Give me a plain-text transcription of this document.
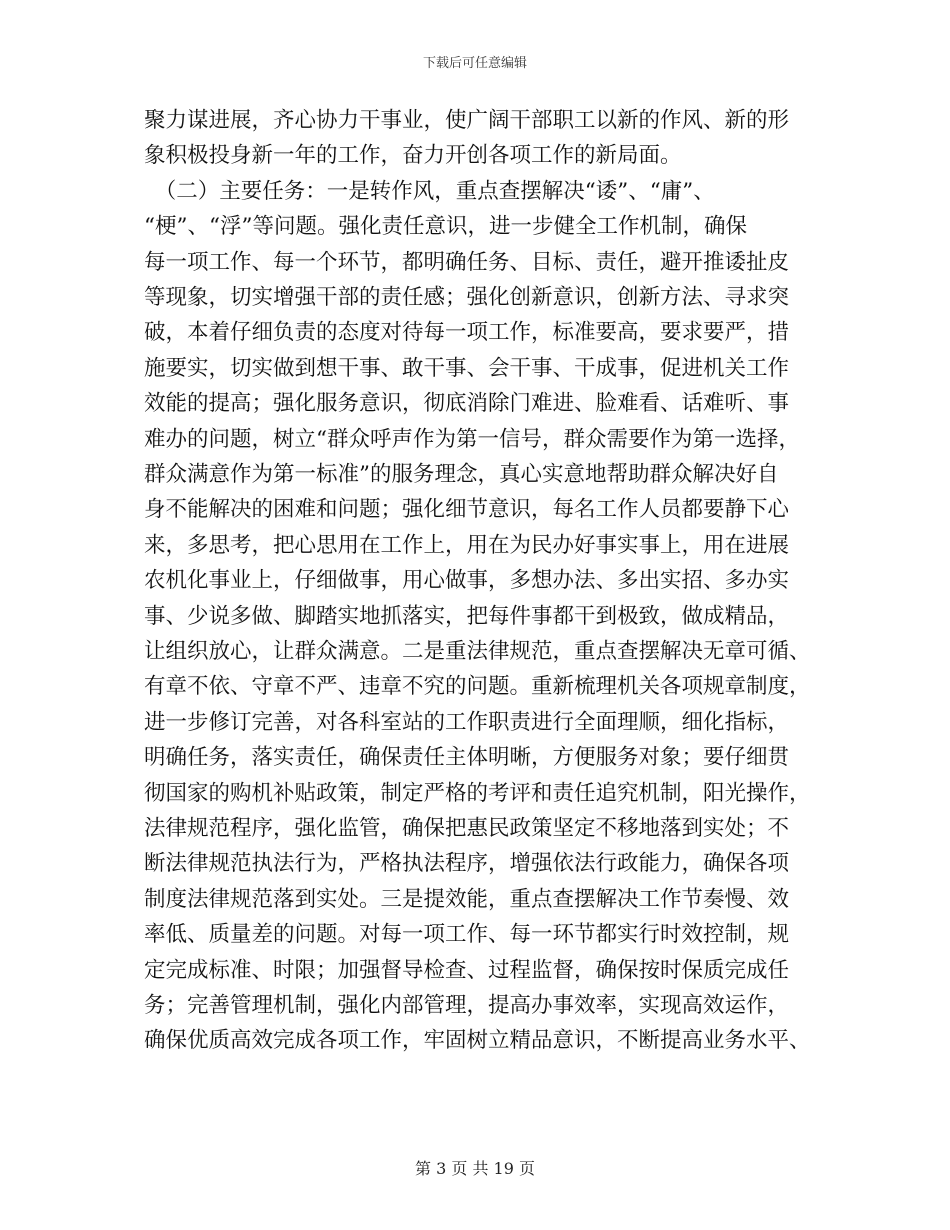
下载后可任意编辑
聚力谋进展，齐心协力干事业，使广阔干部职工以新的作风、新的形
象积极投身新一年的工作，奋力开创各项工作的新局面。
　（二）主要任务：一是转作风，重点查摆解决“诿”、“庸”、
“梗”、“浮”等问题。强化责任意识，进一步健全工作机制，确保
每一项工作、每一个环节，都明确任务、目标、责任，避开推诿扯皮
等现象，切实增强干部的责任感；强化创新意识，创新方法、寻求突
破，本着仔细负责的态度对待每一项工作，标准要高，要求要严，措
施要实，切实做到想干事、敢干事、会干事、干成事，促进机关工作
效能的提高；强化服务意识，彻底消除门难进、脸难看、话难听、事
难办的问题，树立“群众呼声作为第一信号，群众需要作为第一选择，
群众满意作为第一标准”的服务理念，真心实意地帮助群众解决好自
身不能解决的困难和问题；强化细节意识，每名工作人员都要静下心
来，多思考，把心思用在工作上，用在为民办好事实事上，用在进展
农机化事业上，仔细做事，用心做事，多想办法、多出实招、多办实
事、少说多做、脚踏实地抓落实，把每件事都干到极致，做成精品，
让组织放心，让群众满意。二是重法律规范，重点查摆解决无章可循、
有章不依、守章不严、违章不究的问题。重新梳理机关各项规章制度，
进一步修订完善，对各科室站的工作职责进行全面理顺，细化指标，
明确任务，落实责任，确保责任主体明晰，方便服务对象；要仔细贯
彻国家的购机补贴政策，制定严格的考评和责任追究机制，阳光操作，
法律规范程序，强化监管，确保把惠民政策坚定不移地落到实处；不
断法律规范执法行为，严格执法程序，增强依法行政能力，确保各项
制度法律规范落到实处。三是提效能，重点查摆解决工作节奏慢、效
率低、质量差的问题。对每一项工作、每一环节都实行时效控制，规
定完成标准、时限；加强督导检查、过程监督，确保按时保质完成任
务；完善管理机制，强化内部管理，提高办事效率，实现高效运作，
确保优质高效完成各项工作，牢固树立精品意识，不断提高业务水平、
第 3 页 共 19 页
